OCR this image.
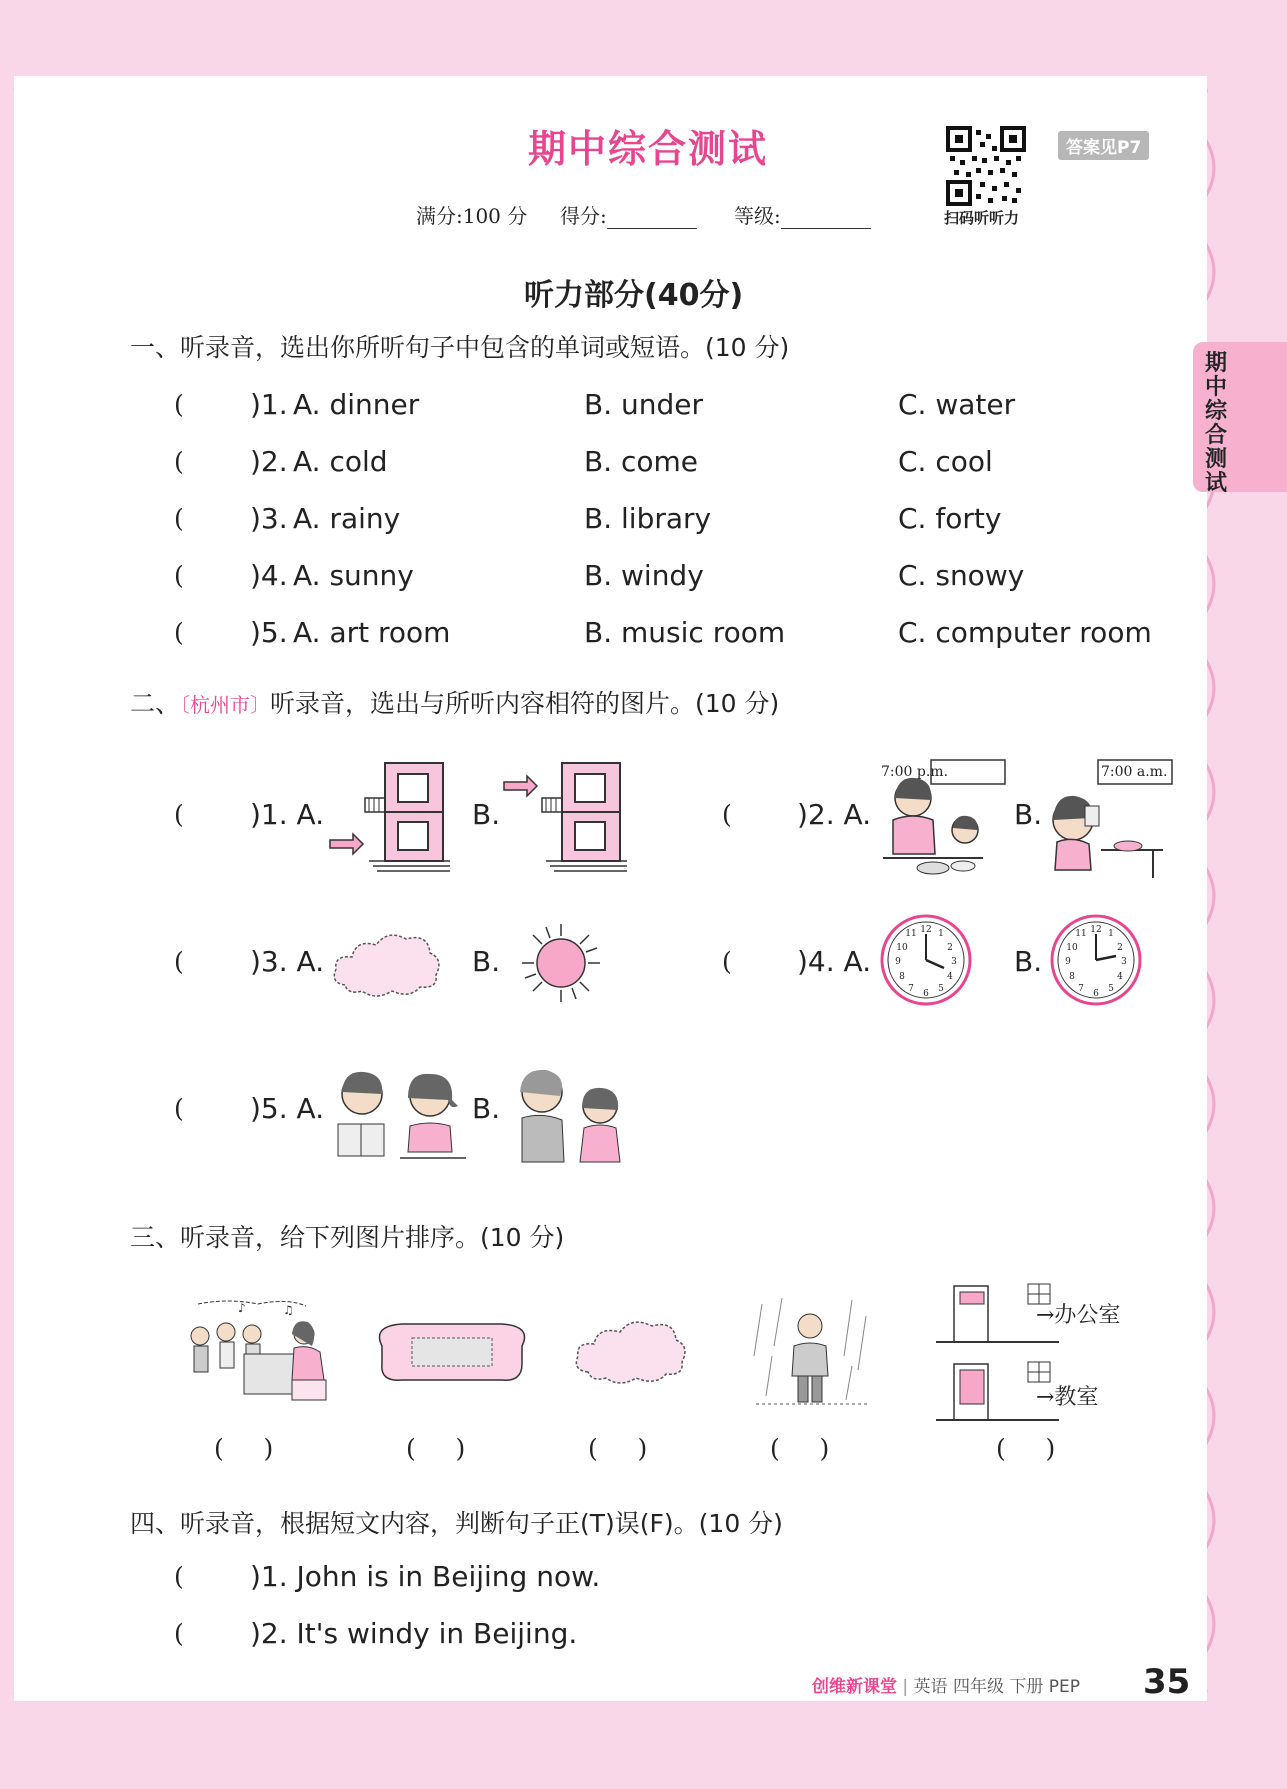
期中综合测试
满分:100 分 得分:	等级:	扫码听听力
答案见P7
期中综合测试
听力部分(40分)
一、听录音，选出你所听句子中包含的单词或短语。(10 分)
( )1. A. dinner	B. under	C. water
( )2. A. cold	B. come	C. cool
( )3. A. rainy	B. library	C. forty
( )4. A. sunny	B. windy	C. snowy
( )5. A. art room	B. music room	C. computer room
二、〔杭州市〕听录音，选出与所听内容相符的图片。(10 分)
( )1. A.	B.	( )2. A.
7:00 p.m.
B.
7:00 a.m.
( )3. A.	B.	( )4. A.
12
3
6
9
1
2
4
5
7
8
10
11
B.
12
3
6
9
1
2
4
5
7
8
10
11
( )5. A.	B.
三、听录音，给下列图片排序。(10 分)
♪	♫	→办公室
→教室
(     )	(     )	(     )	(     )	(     )
四、听录音，根据短文内容，判断句子正(T)误(F)。(10 分)
( )1. John is in Beijing now.
( )2. It's windy in Beijing.
创维新课堂 | 英语 四年级 下册 PEP 35
